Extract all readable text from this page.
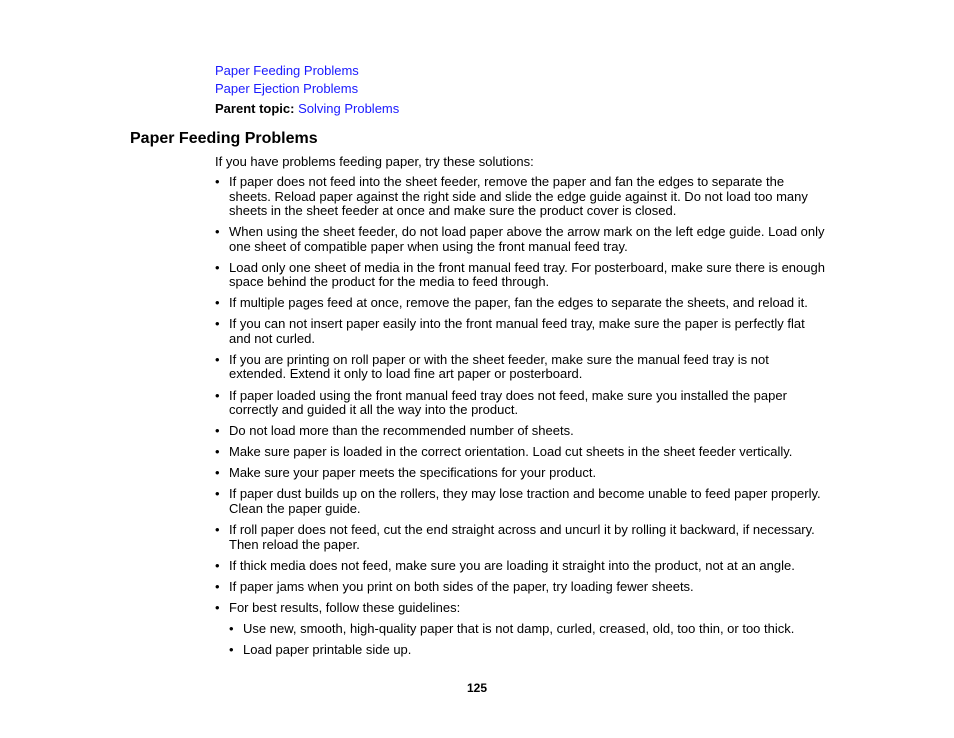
Paper Feeding Problems
Paper Ejection Problems
Parent topic: Solving Problems
Paper Feeding Problems

If you have problems feeding paper, try these solutions:

• If paper does not feed into the sheet feeder, remove the paper and fan the edges to separate the sheets. Reload paper against the right side and slide the edge guide against it. Do not load too many sheets in the sheet feeder at once and make sure the product cover is closed.
• When using the sheet feeder, do not load paper above the arrow mark on the left edge guide. Load only one sheet of compatible paper when using the front manual feed tray.
• Load only one sheet of media in the front manual feed tray. For posterboard, make sure there is enough space behind the product for the media to feed through.
• If multiple pages feed at once, remove the paper, fan the edges to separate the sheets, and reload it.
• If you can not insert paper easily into the front manual feed tray, make sure the paper is perfectly flat and not curled.
• If you are printing on roll paper or with the sheet feeder, make sure the manual feed tray is not extended. Extend it only to load fine art paper or posterboard.
• If paper loaded using the front manual feed tray does not feed, make sure you installed the paper correctly and guided it all the way into the product.
• Do not load more than the recommended number of sheets.
• Make sure paper is loaded in the correct orientation. Load cut sheets in the sheet feeder vertically.
• Make sure your paper meets the specifications for your product.
• If paper dust builds up on the rollers, they may lose traction and become unable to feed paper properly. Clean the paper guide.
• If roll paper does not feed, cut the end straight across and uncurl it by rolling it backward, if necessary. Then reload the paper.
• If thick media does not feed, make sure you are loading it straight into the product, not at an angle.
• If paper jams when you print on both sides of the paper, try loading fewer sheets.
• For best results, follow these guidelines:
• Use new, smooth, high-quality paper that is not damp, curled, creased, old, too thin, or too thick.
• Load paper printable side up.
125
